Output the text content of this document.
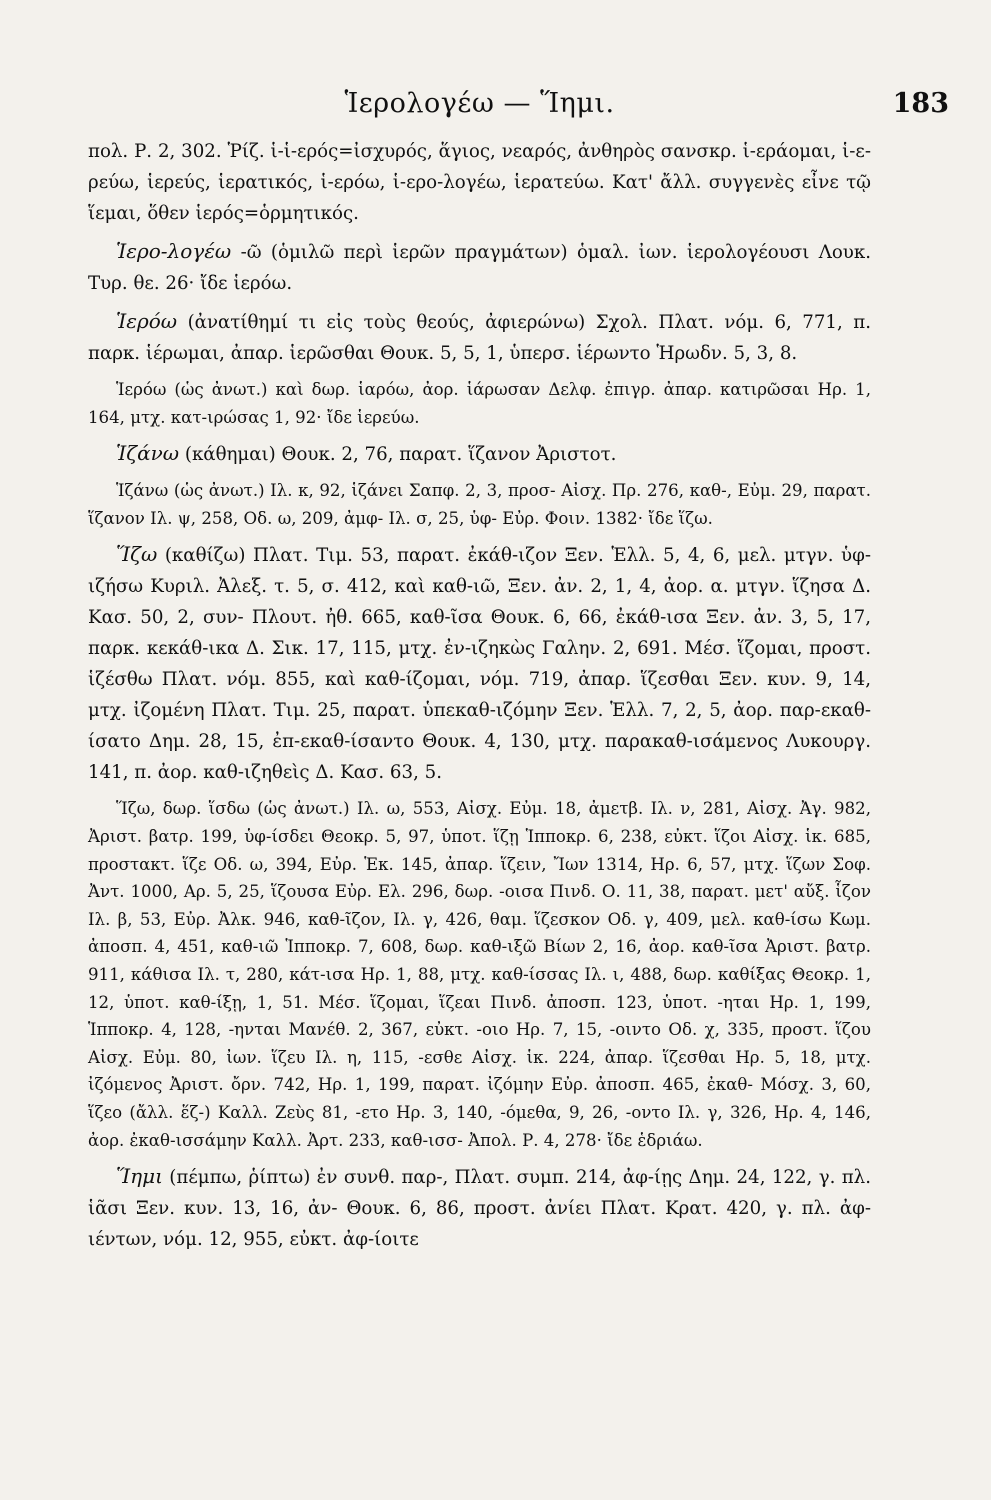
Ἱερολογέω — Ἵημι.	183

πολ. Ρ. 2, 302. Ῥίζ. ἱ-ἱ-ερός=ἰσχυρός, ἅγιος, νεαρός, ἀνθηρὸς σανσκρ. ἱ-εράομαι, ἱ-ε-ρεύω, ἱερεύς, ἱερατικός, ἱ-ερόω, ἱ-ερο-λογέω, ἱερατεύω. Κατ' ἄλλ. συγγενὲς εἶνε τῷ ἵεμαι, ὅθεν ἱερός=ὁρμητικός.

Ἱερο-λογέω -ῶ (ὁμιλῶ περὶ ἱερῶν πραγμάτων) ὁμαλ. ἰων. ἱερολογέουσι Λουκ. Τυρ. θε. 26· ἴδε ἱερόω.

Ἱερόω (ἀνατίθημί τι εἰς τοὺς θεούς, ἀφιερώνω) Σχολ. Πλατ. νόμ. 6, 771, π. παρκ. ἱέρωμαι, ἀπαρ. ἱερῶσθαι Θουκ. 5, 5, 1, ὑπερσ. ἱέρωντο Ἡρωδν. 5, 3, 8.

Ἱερόω (ὡς ἀνωτ.) καὶ δωρ. ἱαρόω, ἀορ. ἱάρωσαν Δελφ. ἐπιγρ. ἀπαρ. κατιρῶσαι Ηρ. 1, 164, μτχ. κατ-ιρώσας 1, 92· ἴδε ἱερεύω.

Ἱζάνω (κάθημαι) Θουκ. 2, 76, παρατ. ἵζανον Ἀριστοτ.

Ἱζάνω (ὡς ἀνωτ.) Ιλ. κ, 92, ἱζάνει Σαπφ. 2, 3, προσ- Αἰσχ. Πρ. 276, καθ-, Εὐμ. 29, παρατ. ἵζανον Ιλ. ψ, 258, Οδ. ω, 209, ἀμφ- Ιλ. σ, 25, ὑφ- Εὐρ. Φοιν. 1382· ἴδε ἵζω.

Ἵζω (καθίζω) Πλατ. Τιμ. 53, παρατ. ἐκάθ-ιζον Ξεν. Ἑλλ. 5, 4, 6, μελ. μτγν. ὑφ-ιζήσω Κυριλ. Ἀλεξ. τ. 5, σ. 412, καὶ καθ-ιῶ, Ξεν. ἀν. 2, 1, 4, ἀορ. α. μτγν. ἵζησα Δ. Κασ. 50, 2, συν- Πλουτ. ἠθ. 665, καθ-ῖσα Θουκ. 6, 66, ἐκάθ-ισα Ξεν. ἀν. 3, 5, 17, παρκ. κεκάθ-ικα Δ. Σικ. 17, 115, μτχ. ἐν-ιζηκὼς Γαλην. 2, 691. Μέσ. ἵζομαι, προστ. ἱζέσθω Πλατ. νόμ. 855, καὶ καθ-ίζομαι, νόμ. 719, ἀπαρ. ἵζεσθαι Ξεν. κυν. 9, 14, μτχ. ἰζομένη Πλατ. Τιμ. 25, παρατ. ὑπεκαθ-ιζόμην Ξεν. Ἑλλ. 7, 2, 5, ἀορ. παρ-εκαθ-ίσατο Δημ. 28, 15, ἐπ-εκαθ-ίσαντο Θουκ. 4, 130, μτχ. παρακαθ-ισάμενος Λυκουργ. 141, π. ἀορ. καθ-ιζηθεὶς Δ. Κασ. 63, 5.

Ἵζω, δωρ. ἵσδω (ὡς ἀνωτ.) Ιλ. ω, 553, Αἰσχ. Εὐμ. 18, ἀμετβ. Ιλ. ν, 281, Αἰσχ. Ἀγ. 982, Ἀριστ. βατρ. 199, ὑφ-ίσδει Θεοκρ. 5, 97, ὑποτ. ἵζῃ Ἱπποκρ. 6, 238, εὐκτ. ἵζοι Αἰσχ. ἱκ. 685, προστακτ. ἵζε Οδ. ω, 394, Εὐρ. Ἑκ. 145, ἀπαρ. ἵζειν, Ἴων 1314, Ηρ. 6, 57, μτχ. ἵζων Σοφ. Ἀντ. 1000, Αρ. 5, 25, ἵζουσα Εὐρ. Ελ. 296, δωρ. -οισα Πινδ. Ο. 11, 38, παρατ. μετ' αὔξ. ἷζον Ιλ. β, 53, Εὐρ. Ἀλκ. 946, καθ-ῖζον, Ιλ. γ, 426, θαμ. ἵζεσκον Οδ. γ, 409, μελ. καθ-ίσω Κωμ. ἀποσπ. 4, 451, καθ-ιῶ Ἱπποκρ. 7, 608, δωρ. καθ-ιξῶ Βίων 2, 16, ἀορ. καθ-ῖσα Ἀριστ. βατρ. 911, κάθισα Ιλ. τ, 280, κάτ-ισα Ηρ. 1, 88, μτχ. καθ-ίσσας Ιλ. ι, 488, δωρ. καθίξας Θεοκρ. 1, 12, ὑποτ. καθ-ίξῃ, 1, 51. Μέσ. ἵζομαι, ἵζεαι Πινδ. ἀποσπ. 123, ὑποτ. -ηται Ηρ. 1, 199, Ἱπποκρ. 4, 128, -ηνται Μανέθ. 2, 367, εὐκτ. -οιο Ηρ. 7, 15, -οιντο Οδ. χ, 335, προστ. ἵζου Αἰσχ. Εὐμ. 80, ἰων. ἵζευ Ιλ. η, 115, -εσθε Αἰσχ. ἱκ. 224, ἀπαρ. ἵζεσθαι Ηρ. 5, 18, μτχ. ἰζόμενος Ἀριστ. ὄρν. 742, Ηρ. 1, 199, παρατ. ἰζόμην Εὐρ. ἀποσπ. 465, ἐκαθ- Μόσχ. 3, 60, ἵζεο (ἄλλ. ἕζ-) Καλλ. Ζεὺς 81, -ετο Ηρ. 3, 140, -όμεθα, 9, 26, -οντο Ιλ. γ, 326, Ηρ. 4, 146, ἀορ. ἐκαθ-ισσάμην Καλλ. Ἀρτ. 233, καθ-ισσ- Ἀπολ. Ρ. 4, 278· ἴδε ἑδριάω.

Ἵημι (πέμπω, ῥίπτω) ἐν συνθ. παρ-, Πλατ. συμπ. 214, ἀφ-ίῃς Δημ. 24, 122, γ. πλ. ἱᾶσι Ξεν. κυν. 13, 16, ἀν- Θουκ. 6, 86, προστ. ἀνίει Πλατ. Κρατ. 420, γ. πλ. ἀφ-ιέντων, νόμ. 12, 955, εὐκτ. ἀφ-ίοιτε
